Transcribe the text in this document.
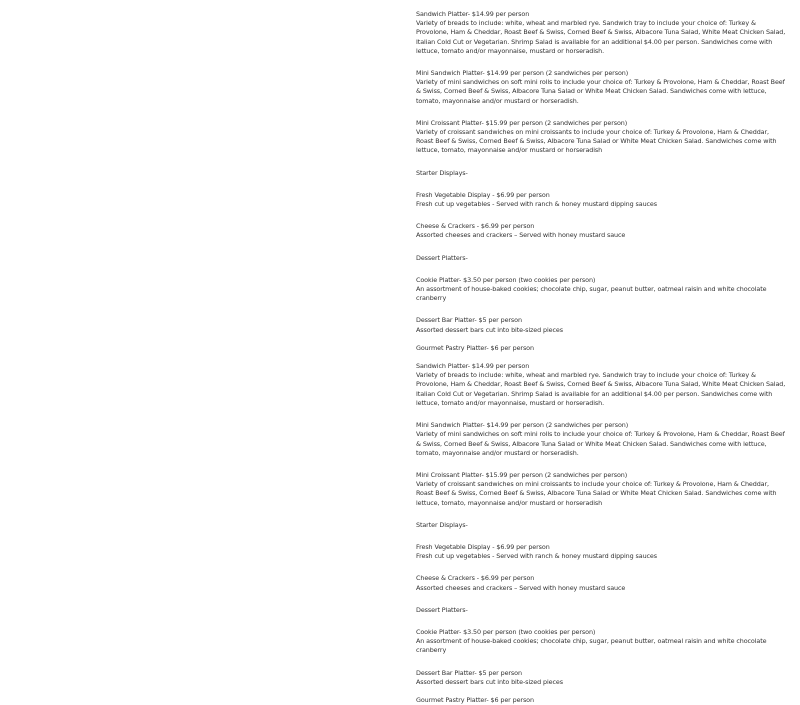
Sandwich Platter- $14.99 per person
Variety of breads to include: white, wheat and marbled rye. Sandwich tray to include your choice of: Turkey & Provolone, Ham & Cheddar, Roast Beef & Swiss, Corned Beef & Swiss, Albacore Tuna Salad, White Meat Chicken Salad, Italian Cold Cut or Vegetarian. Shrimp Salad is available for an additional $4.00 per person. Sandwiches come with lettuce, tomato and/or mayonnaise, mustard or horseradish.
Mini Sandwich Platter- $14.99 per person (2 sandwiches per person)
Variety of mini sandwiches on soft mini rolls to include your choice of: Turkey & Provolone, Ham & Cheddar, Roast Beef & Swiss, Corned Beef & Swiss, Albacore Tuna Salad or White Meat Chicken Salad. Sandwiches come with lettuce, tomato, mayonnaise and/or mustard or horseradish.
Mini Croissant Platter- $15.99 per person (2 sandwiches per person)
Variety of croissant sandwiches on mini croissants to include your choice of: Turkey & Provolone, Ham & Cheddar, Roast Beef & Swiss, Corned Beef & Swiss, Albacore Tuna Salad or White Meat Chicken Salad. Sandwiches come with lettuce, tomato, mayonnaise and/or mustard or horseradish
Starter Displays-
Fresh Vegetable Display - $6.99 per person
Fresh cut up vegetables - Served with ranch & honey mustard dipping sauces
Cheese & Crackers - $6.99 per person
Assorted cheeses and crackers – Served with honey mustard sauce
Dessert Platters-
Cookie Platter- $3.50 per person (two cookies per person)
An assortment of house-baked cookies; chocolate chip, sugar, peanut butter, oatmeal raisin and white chocolate cranberry
Dessert Bar Platter- $5 per person
Assorted dessert bars cut into bite-sized pieces
Gourmet Pastry Platter- $6 per person
Sandwich Platter- $14.99 per person
Variety of breads to include: white, wheat and marbled rye. Sandwich tray to include your choice of: Turkey & Provolone, Ham & Cheddar, Roast Beef & Swiss, Corned Beef & Swiss, Albacore Tuna Salad, White Meat Chicken Salad, Italian Cold Cut or Vegetarian. Shrimp Salad is available for an additional $4.00 per person. Sandwiches come with lettuce, tomato and/or mayonnaise, mustard or horseradish.
Mini Sandwich Platter- $14.99 per person (2 sandwiches per person)
Variety of mini sandwiches on soft mini rolls to include your choice of: Turkey & Provolone, Ham & Cheddar, Roast Beef & Swiss, Corned Beef & Swiss, Albacore Tuna Salad or White Meat Chicken Salad. Sandwiches come with lettuce, tomato, mayonnaise and/or mustard or horseradish.
Mini Croissant Platter- $15.99 per person (2 sandwiches per person)
Variety of croissant sandwiches on mini croissants to include your choice of: Turkey & Provolone, Ham & Cheddar, Roast Beef & Swiss, Corned Beef & Swiss, Albacore Tuna Salad or White Meat Chicken Salad. Sandwiches come with lettuce, tomato, mayonnaise and/or mustard or horseradish
Starter Displays-
Fresh Vegetable Display - $6.99 per person
Fresh cut up vegetables - Served with ranch & honey mustard dipping sauces
Cheese & Crackers - $6.99 per person
Assorted cheeses and crackers – Served with honey mustard sauce
Dessert Platters-
Cookie Platter- $3.50 per person (two cookies per person)
An assortment of house-baked cookies; chocolate chip, sugar, peanut butter, oatmeal raisin and white chocolate cranberry
Dessert Bar Platter- $5 per person
Assorted dessert bars cut into bite-sized pieces
Gourmet Pastry Platter- $6 per person
